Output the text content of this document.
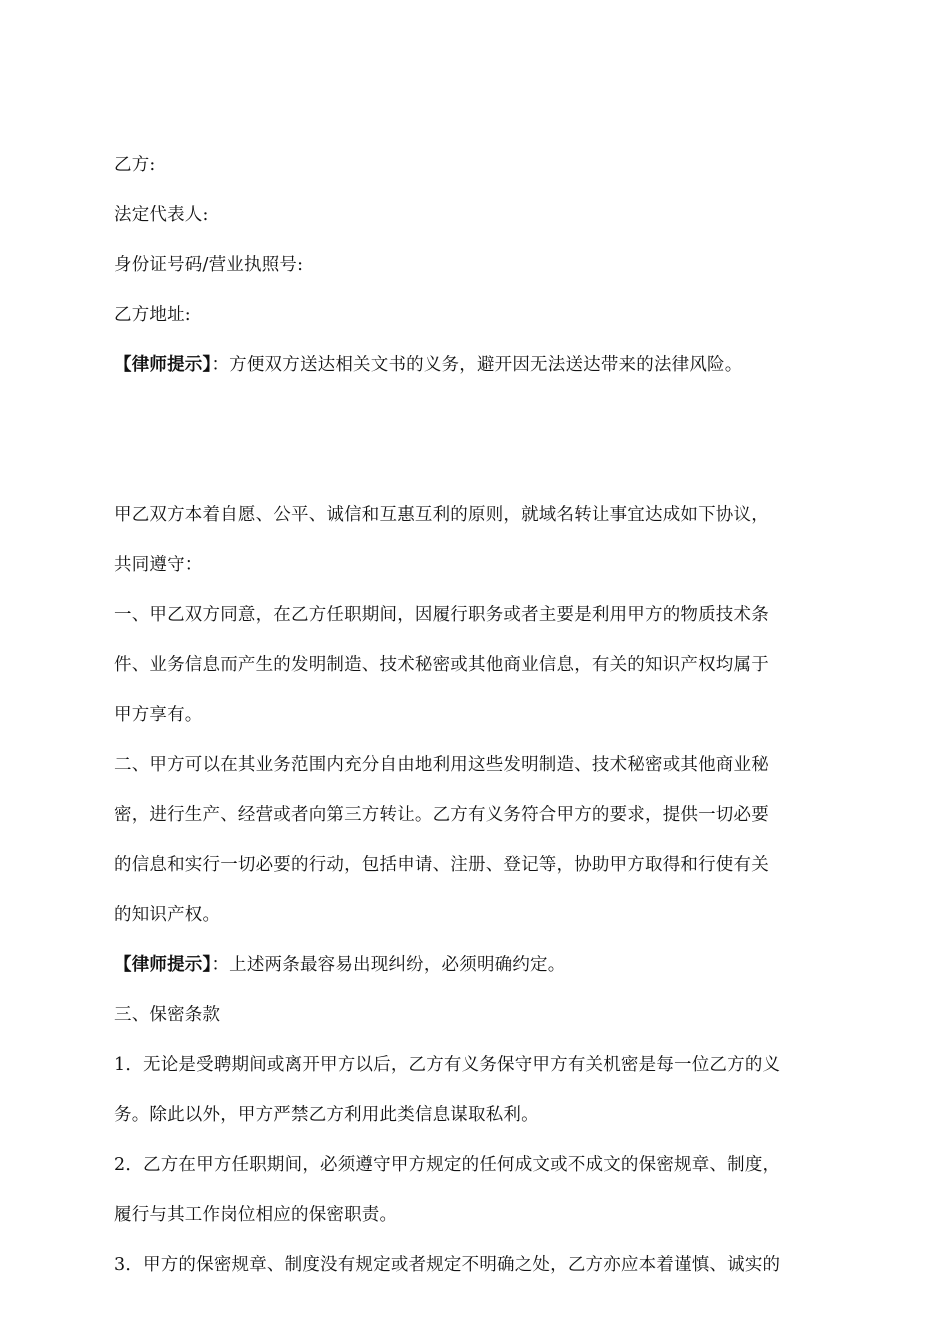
乙方:
法定代表人:
身份证号码/营业执照号:
乙方地址:
【律师提示】：方便双方送达相关文书的义务，避开因无法送达带来的法律风险。
甲乙双方本着自愿、公平、诚信和互惠互利的原则，就域名转让事宜达成如下协议，
共同遵守：
一、甲乙双方同意，在乙方任职期间，因履行职务或者主要是利用甲方的物质技术条
件、业务信息而产生的发明制造、技术秘密或其他商业信息，有关的知识产权均属于
甲方享有。
二、甲方可以在其业务范围内充分自由地利用这些发明制造、技术秘密或其他商业秘
密，进行生产、经营或者向第三方转让。乙方有义务符合甲方的要求，提供一切必要
的信息和实行一切必要的行动，包括申请、注册、登记等，协助甲方取得和行使有关
的知识产权。
【律师提示】：上述两条最容易出现纠纷，必须明确约定。
三、保密条款
1．无论是受聘期间或离开甲方以后，乙方有义务保守甲方有关机密是每一位乙方的义
务。除此以外，甲方严禁乙方利用此类信息谋取私利。
2．乙方在甲方任职期间，必须遵守甲方规定的任何成文或不成文的保密规章、制度，
履行与其工作岗位相应的保密职责。
3．甲方的保密规章、制度没有规定或者规定不明确之处，乙方亦应本着谨慎、诚实的
